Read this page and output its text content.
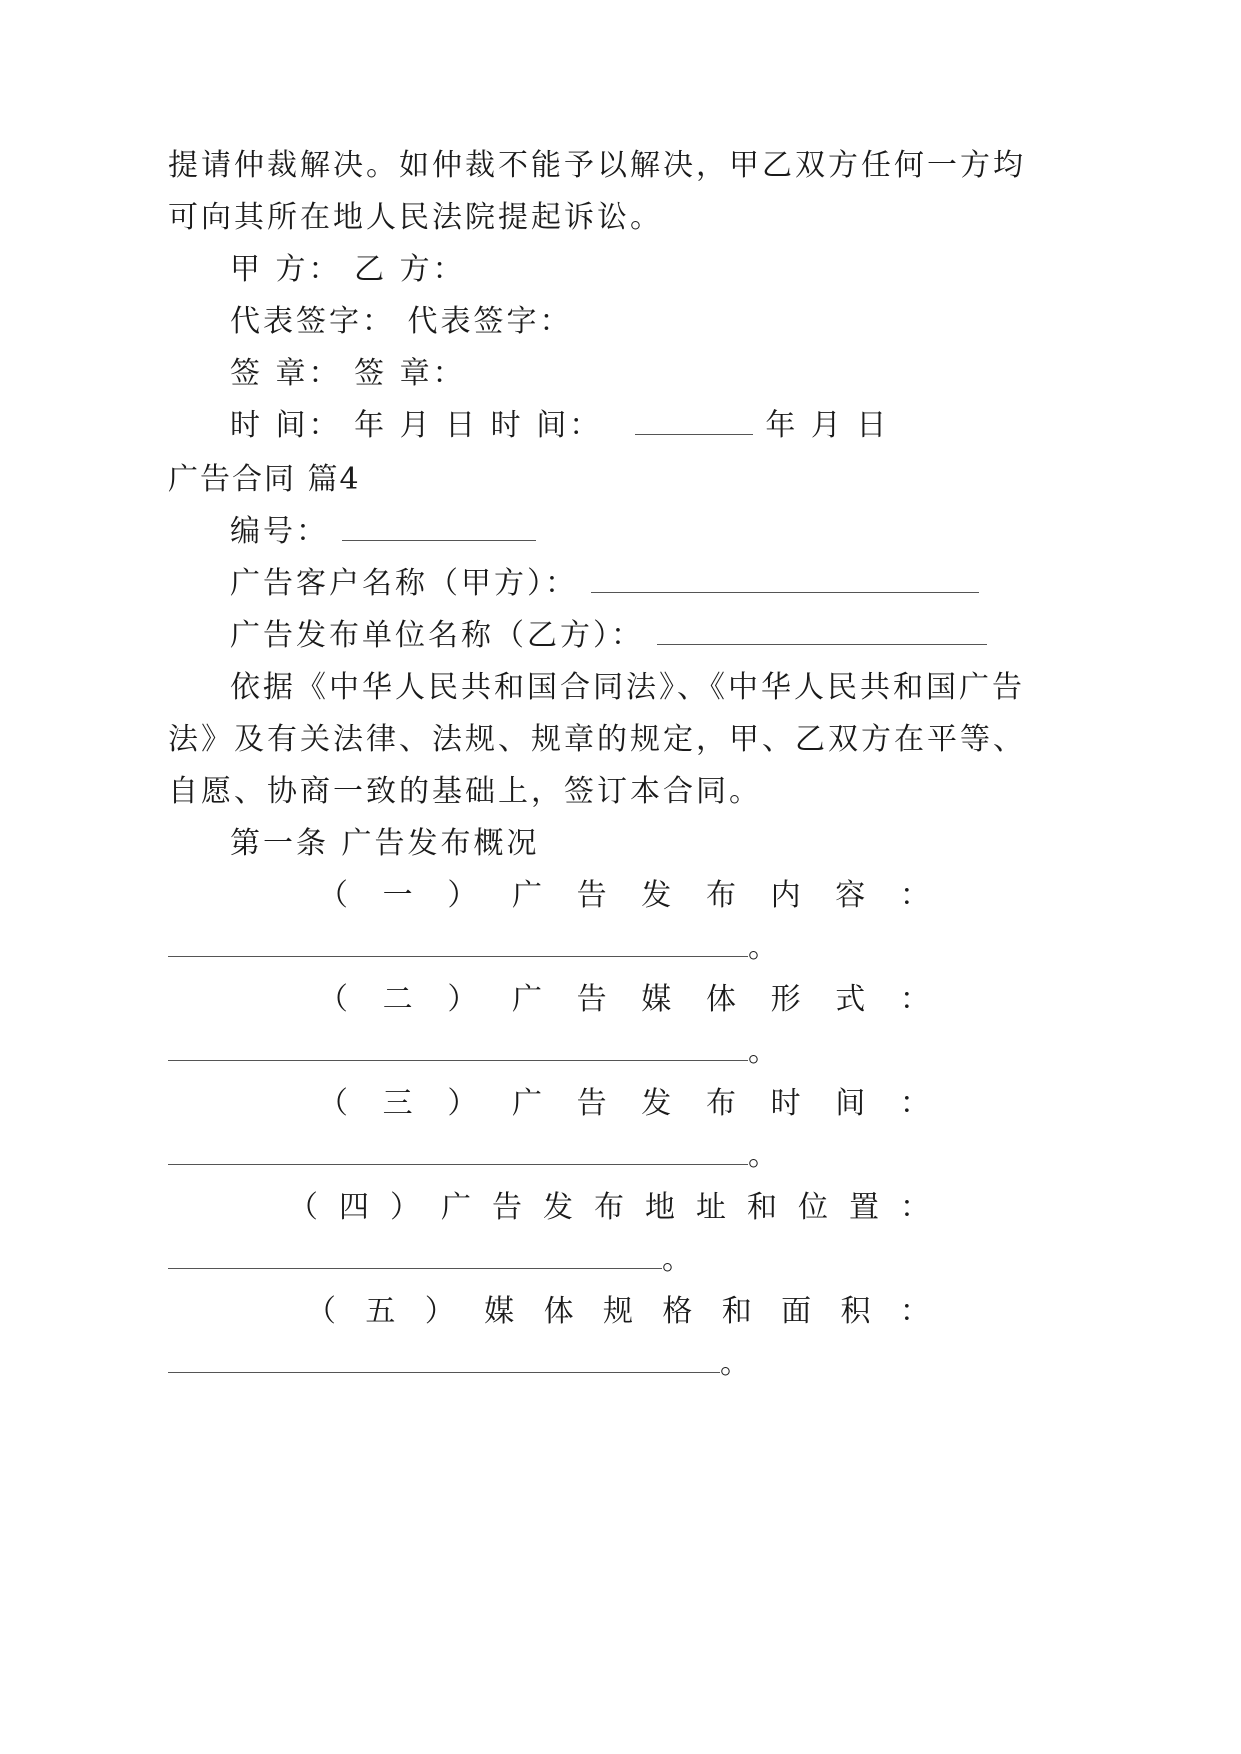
提请仲裁解决。如仲裁不能予以解决，甲乙双方任何一方均
可向其所在地人民法院提起诉讼。
甲 方： 乙 方：
代表签字： 代表签字：
签 章： 签 章：
时 间： 年 月 日 时 间：	年 月 日
广告合同 篇4
编号：
广告客户名称（甲方）：
广告发布单位名称（乙方）：
依据《中华人民共和国合同法》、《中华人民共和国广告
法》及有关法律、法规、规章的规定，甲、乙双方在平等、
自愿、协商一致的基础上，签订本合同。
第一条 广告发布概况
（ 一 ） 广 告 发 布 内 容 ：
。
（ 二 ） 广 告 媒 体 形 式 ：
。
（ 三 ） 广 告 发 布 时 间 ：
。
（ 四 ） 广 告 发 布 地 址 和 位 置 ：
。
（ 五 ） 媒 体 规 格 和 面 积 ：
。
